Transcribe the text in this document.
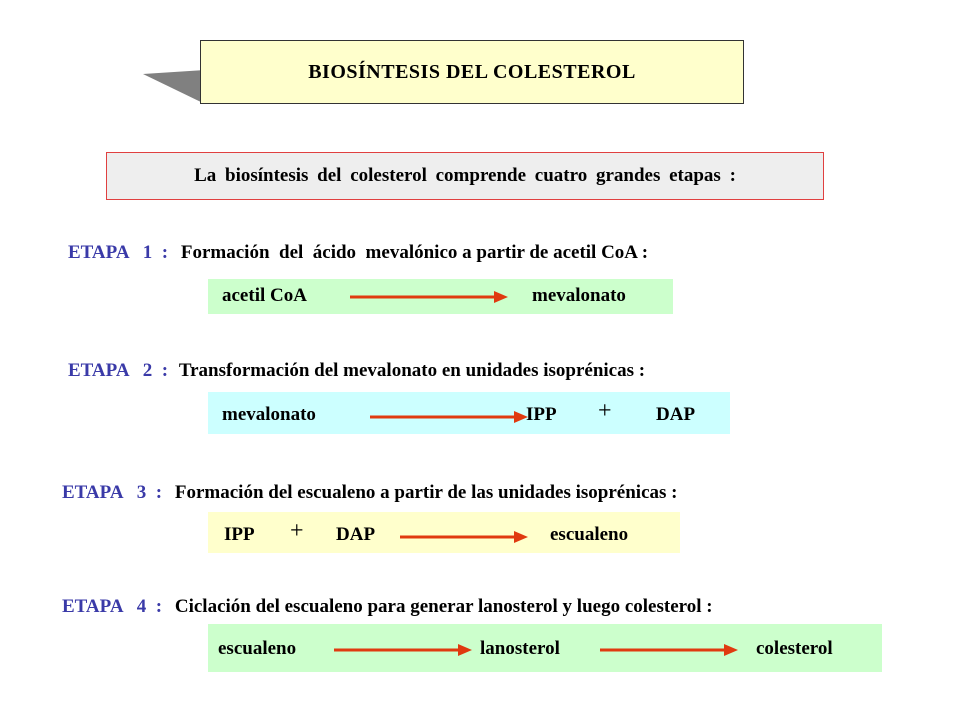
BIOSÍNTESIS DEL COLESTEROL
La biosíntesis del colesterol comprende cuatro grandes etapas :
ETAPA   1  : Formación  del  ácido  mevalónico a partir de acetil CoA :
acetil CoA	mevalonato
ETAPA   2  : Transformación del mevalonato en unidades isoprénicas :
mevalonato	IPP + DAP
ETAPA   3  : Formación del escualeno a partir de las unidades isoprénicas :
IPP + DAP	escualeno
ETAPA   4  : Ciclación del escualeno para generar lanosterol y luego colesterol :
escualeno	lanosterol	colesterol
